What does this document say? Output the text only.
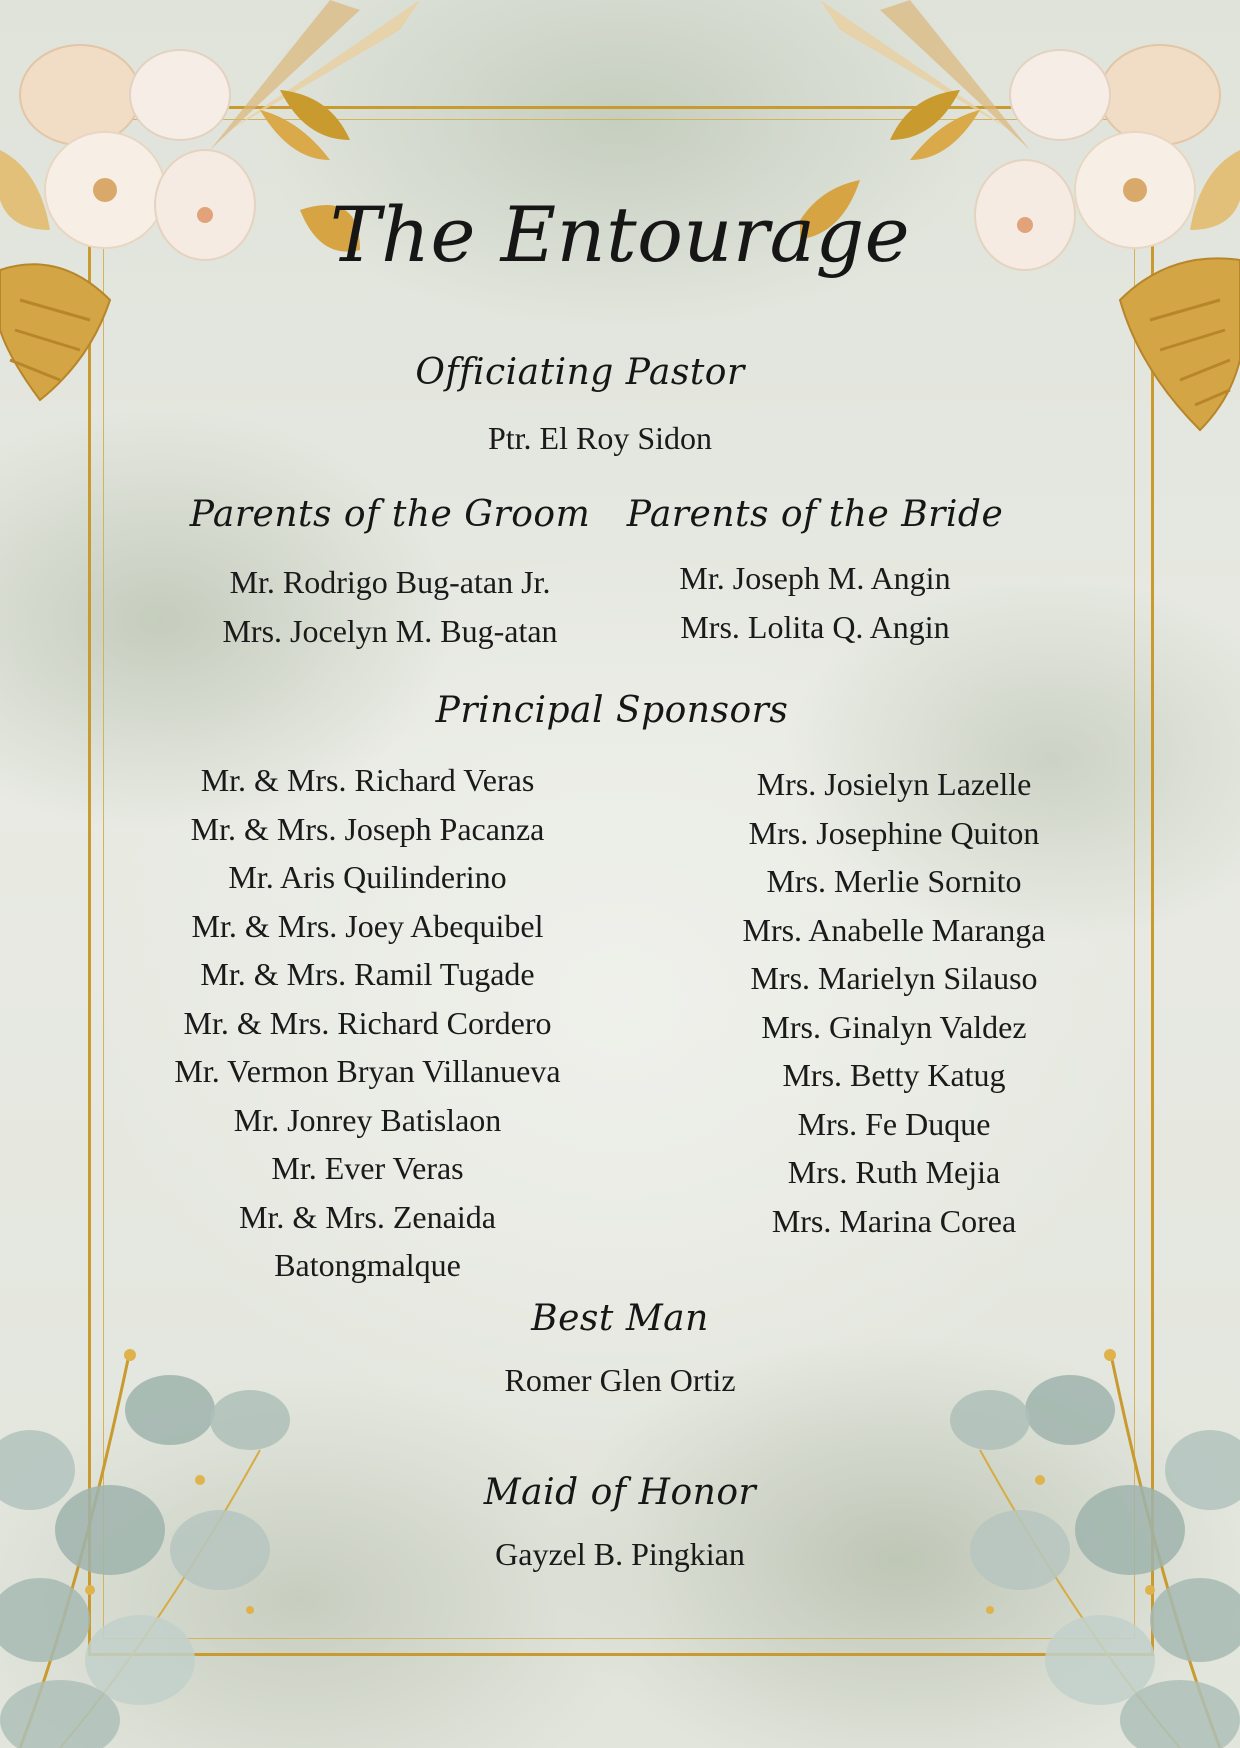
The Entourage
Officiating Pastor
Ptr. El Roy Sidon
Parents of the Groom
Mr. Rodrigo Bug-atan Jr.
Mrs. Jocelyn M. Bug-atan
Parents of the Bride
Mr. Joseph M. Angin
Mrs. Lolita Q. Angin
Principal Sponsors
Mr. & Mrs. Richard Veras
Mr. & Mrs. Joseph Pacanza
Mr. Aris Quilinderino
Mr. & Mrs. Joey Abequibel
Mr. & Mrs. Ramil Tugade
Mr. & Mrs. Richard Cordero
Mr. Vermon Bryan Villanueva
Mr. Jonrey Batislaon
Mr. Ever Veras
Mr. & Mrs. Zenaida
Batongmalque
Mrs. Josielyn Lazelle
Mrs. Josephine Quiton
Mrs. Merlie Sornito
Mrs. Anabelle Maranga
Mrs. Marielyn Silauso
Mrs. Ginalyn Valdez
Mrs. Betty Katug
Mrs. Fe Duque
Mrs. Ruth Mejia
Mrs. Marina Corea
Best Man
Romer Glen Ortiz
Maid of Honor
Gayzel B. Pingkian
